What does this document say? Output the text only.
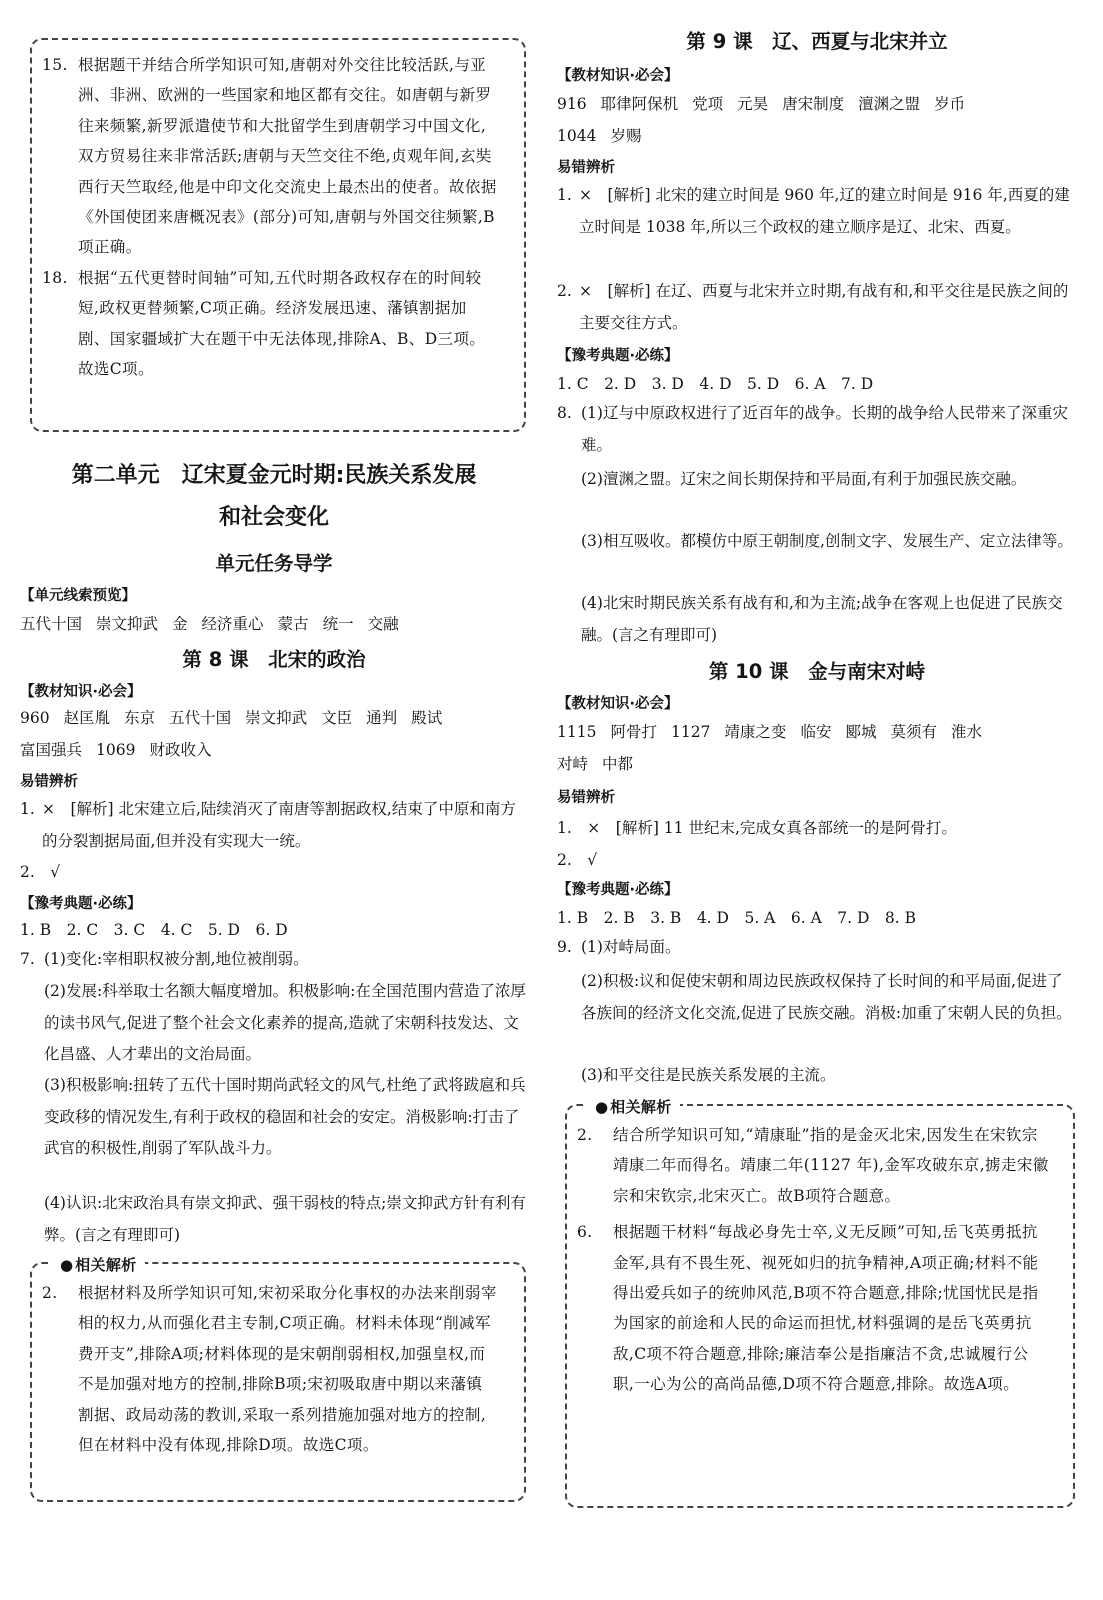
15. 根据题干并结合所学知识可知,唐朝对外交往比较活跃,与亚洲、非洲、欧洲的一些国家和地区都有交往。如唐朝与新罗往来频繁,新罗派遣使节和大批留学生到唐朝学习中国文化,双方贸易往来非常活跃;唐朝与天竺交往不绝,贞观年间,玄奘西行天竺取经,他是中印文化交流史上最杰出的使者。故依据《外国使团来唐概况表》(部分)可知,唐朝与外国交往频繁,B项正确。

18. 根据“五代更替时间轴”可知,五代时期各政权存在的时间较短,政权更替频繁,C项正确。经济发展迅速、藩镇割据加剧、国家疆域扩大在题干中无法体现,排除A、B、D三项。故选C项。

第二单元　辽宋夏金元时期:民族关系发展
和社会变化
单元任务导学
【单元线索预览】
五代十国 崇文抑武 金 经济重心 蒙古 统一 交融
第 8 课　北宋的政治
【教材知识·必会】
960 赵匡胤 东京 五代十国 崇文抑武 文臣 通判 殿试
富国强兵 1069 财政收入
易错辨析

1. ×　[解析] 北宋建立后,陆续消灭了南唐等割据政权,结束了中原和南方的分裂割据局面,但并没有实现大一统。

2.　√
【豫考典题·必练】
1. B　2. C　3. C　4. C　5. D　6. D
7. (1)变化:宰相职权被分割,地位被削弱。

(2)发展:科举取士名额大幅度增加。积极影响:在全国范围内营造了浓厚的读书风气,促进了整个社会文化素养的提高,造就了宋朝科技发达、文化昌盛、人才辈出的文治局面。

(3)积极影响:扭转了五代十国时期尚武轻文的风气,杜绝了武将跋扈和兵变政移的情况发生,有利于政权的稳固和社会的安定。消极影响:打击了武官的积极性,削弱了军队战斗力。

(4)认识:北宋政治具有崇文抑武、强干弱枝的特点;崇文抑武方针有利有弊。(言之有理即可)

●相关解析

2. 根据材料及所学知识可知,宋初采取分化事权的办法来削弱宰相的权力,从而强化君主专制,C项正确。材料未体现“削减军费开支”,排除A项;材料体现的是宋朝削弱相权,加强皇权,而不是加强对地方的控制,排除B项;宋初吸取唐中期以来藩镇割据、政局动荡的教训,采取一系列措施加强对地方的控制,但在材料中没有体现,排除D项。故选C项。

第 9 课　辽、西夏与北宋并立
【教材知识·必会】
916 耶律阿保机 党项 元昊 唐宋制度 澶渊之盟 岁币
1044 岁赐
易错辨析

1. ×　[解析] 北宋的建立时间是 960 年,辽的建立时间是 916 年,西夏的建立时间是 1038 年,所以三个政权的建立顺序是辽、北宋、西夏。

2. ×　[解析] 在辽、西夏与北宋并立时期,有战有和,和平交往是民族之间的主要交往方式。

【豫考典题·必练】
1. C　2. D　3. D　4. D　5. D　6. A　7. D
8. (1)辽与中原政权进行了近百年的战争。长期的战争给人民带来了深重灾难。

(2)澶渊之盟。辽宋之间长期保持和平局面,有利于加强民族交融。

(3)相互吸收。都模仿中原王朝制度,创制文字、发展生产、定立法律等。

(4)北宋时期民族关系有战有和,和为主流;战争在客观上也促进了民族交融。(言之有理即可)

第 10 课　金与南宋对峙
【教材知识·必会】
1115 阿骨打 1127 靖康之变 临安 郾城 莫须有 淮水
对峙 中都
易错辨析
1.　×　[解析] 11 世纪末,完成女真各部统一的是阿骨打。
2.　√
【豫考典题·必练】
1. B　2. B　3. B　4. D　5. A　6. A　7. D　8. B
9. (1)对峙局面。

(2)积极:议和促使宋朝和周边民族政权保持了长时间的和平局面,促进了各族间的经济文化交流,促进了民族交融。消极:加重了宋朝人民的负担。

(3)和平交往是民族关系发展的主流。

●相关解析

2. 结合所学知识可知,“靖康耻”指的是金灭北宋,因发生在宋钦宗靖康二年而得名。靖康二年(1127 年),金军攻破东京,掳走宋徽宗和宋钦宗,北宋灭亡。故B项符合题意。

6. 根据题干材料“每战必身先士卒,义无反顾”可知,岳飞英勇抵抗金军,具有不畏生死、视死如归的抗争精神,A项正确;材料不能得出爱兵如子的统帅风范,B项不符合题意,排除;忧国忧民是指为国家的前途和人民的命运而担忧,材料强调的是岳飞英勇抗敌,C项不符合题意,排除;廉洁奉公是指廉洁不贪,忠诚履行公职,一心为公的高尚品德,D项不符合题意,排除。故选A项。
